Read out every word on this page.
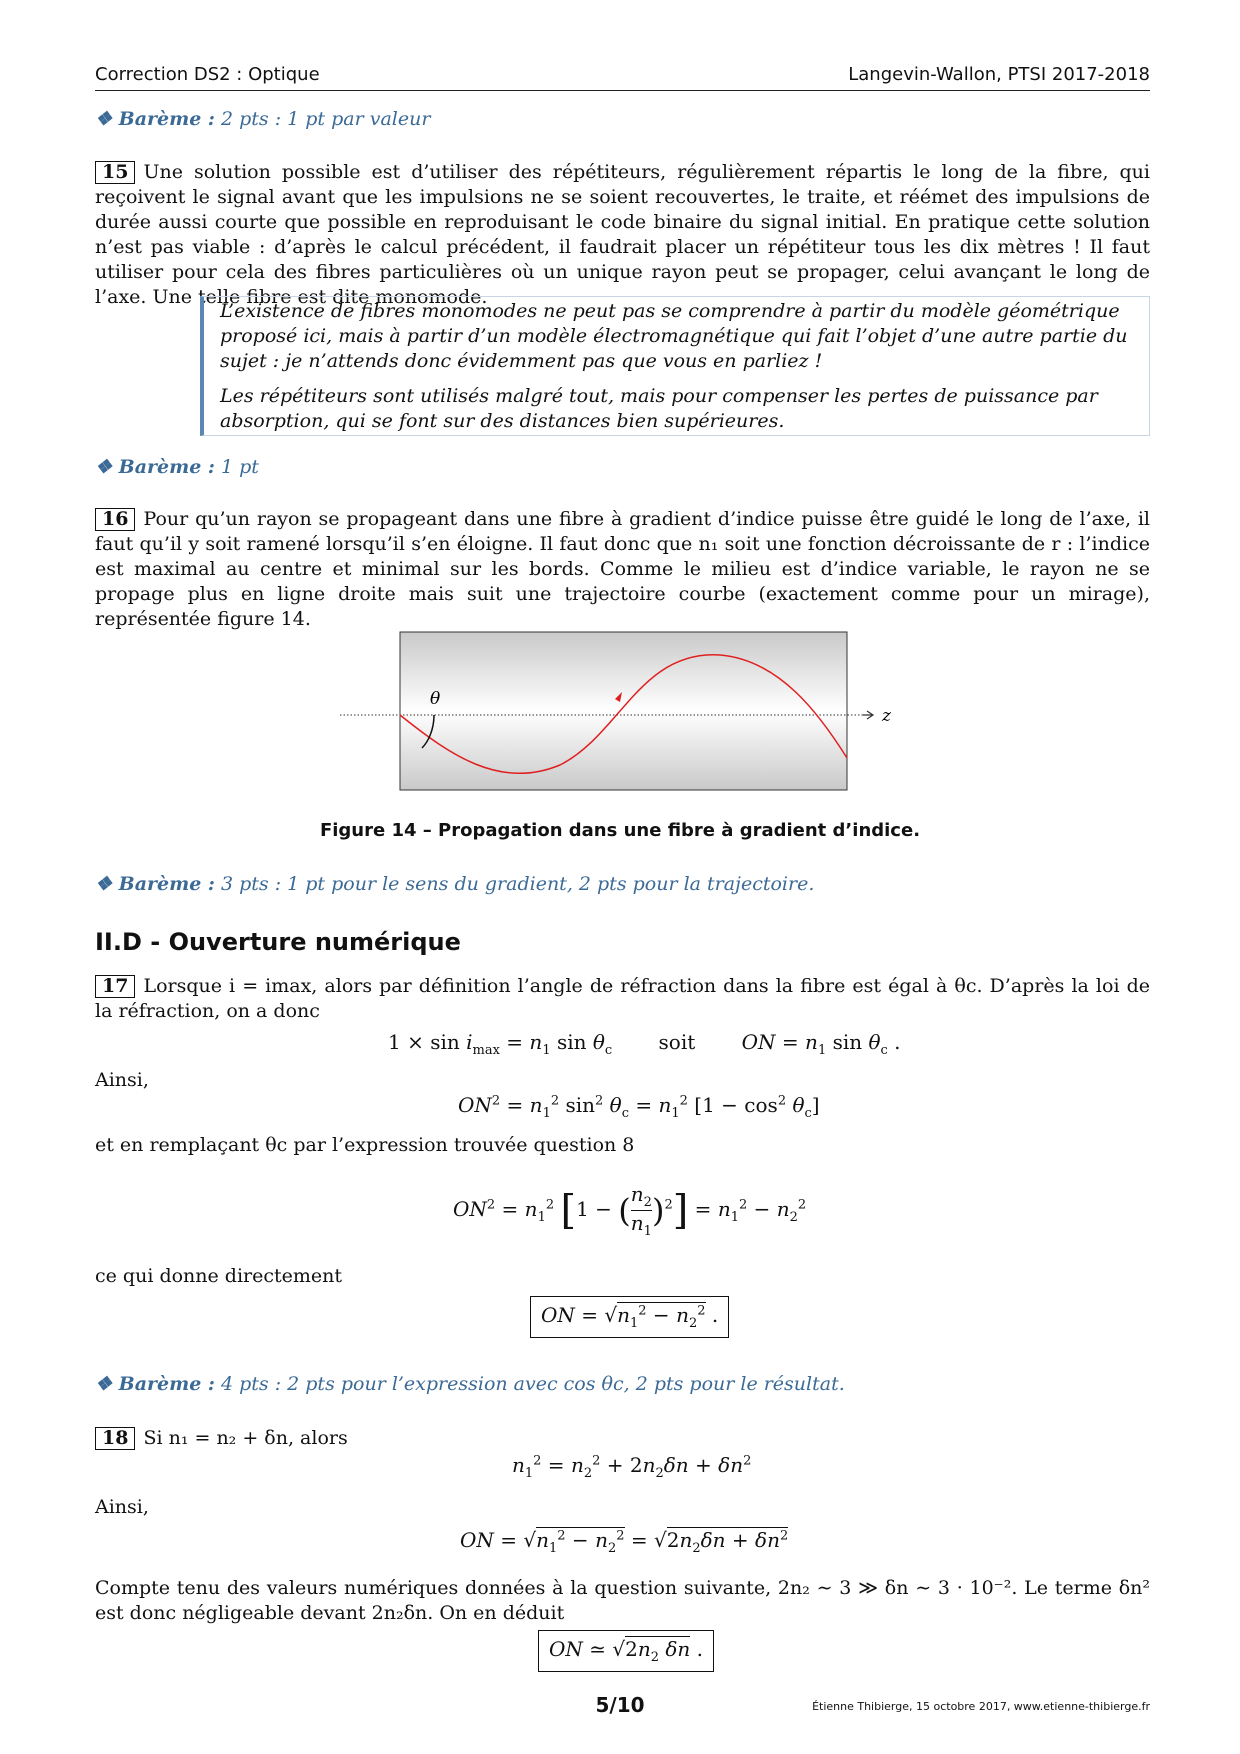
Correction DS2 : Optique	Langevin-Wallon, PTSI 2017-2018
❖ Barème : 2 pts : 1 pt par valeur
15 Une solution possible est d’utiliser des répétiteurs, régulièrement répartis le long de la fibre, qui reçoivent le signal avant que les impulsions ne se soient recouvertes, le traite, et réémet des impulsions de durée aussi courte que possible en reproduisant le code binaire du signal initial. En pratique cette solution n’est pas viable : d’après le calcul précédent, il faudrait placer un répétiteur tous les dix mètres ! Il faut utiliser pour cela des fibres particulières où un unique rayon peut se propager, celui avançant le long de l’axe. Une telle fibre est dite monomode.

L’existence de fibres monomodes ne peut pas se comprendre à partir du modèle géométrique proposé ici, mais à partir d’un modèle électromagnétique qui fait l’objet d’une autre partie du sujet : je n’attends donc évidemment pas que vous en parliez !

Les répétiteurs sont utilisés malgré tout, mais pour compenser les pertes de puissance par absorption, qui se font sur des distances bien supérieures.

❖ Barème : 1 pt
16 Pour qu’un rayon se propageant dans une fibre à gradient d’indice puisse être guidé le long de l’axe, il faut qu’il y soit ramené lorsqu’il s’en éloigne. Il faut donc que n₁ soit une fonction décroissante de r : l’indice est maximal au centre et minimal sur les bords. Comme le milieu est d’indice variable, le rayon ne se propage plus en ligne droite mais suit une trajectoire courbe (exactement comme pour un mirage), représentée figure 14.
θ
z
Figure 14 – Propagation dans une fibre à gradient d’indice.
❖ Barème : 3 pts : 1 pt pour le sens du gradient, 2 pts pour la trajectoire.
II.D - Ouverture numérique
17 Lorsque i = imax, alors par définition l’angle de réfraction dans la fibre est égal à θc. D’après la loi de la réfraction, on a donc
$1 \times \sin i_{max} = n_1$ $\sin \theta_c$ soit ON = $n_1$ $\sin \theta_c$ .
Ainsi,
$ON^2 = n_1^2$ $\sin^2 \theta_c = n_1^2$ $[1 - \cos^2 \theta_c]$
et en remplaçant θc par l’expression trouvée question 8
$ON^2 = n_1^2$ [1 − ( $\frac{n_2}{n_1} )^2] = n_1^2 - n_2^2$
ce qui donne directement
ON = $√n_1^2 - n_2^2$ .
❖ Barème : 4 pts : 2 pts pour l’expression avec cos θc, 2 pts pour le résultat.
18 Si n₁ = n₂ + δn, alors
$n_1^2 = n_2^2 + 2n_2\delta n + \delta n^2$
Ainsi,
ON = $√n_1^2 - n_2^2 = √2n_2\delta n + \delta n^2$
Compte tenu des valeurs numériques données à la question suivante, 2n₂ ∼ 3 ≫ δn ∼ 3 · 10⁻². Le terme δn² est donc négligeable devant 2n₂δn. On en déduit
ON ≃ $√2n_2$ δn .
5/10	Étienne Thibierge, 15 octobre 2017, www.etienne-thibierge.fr
